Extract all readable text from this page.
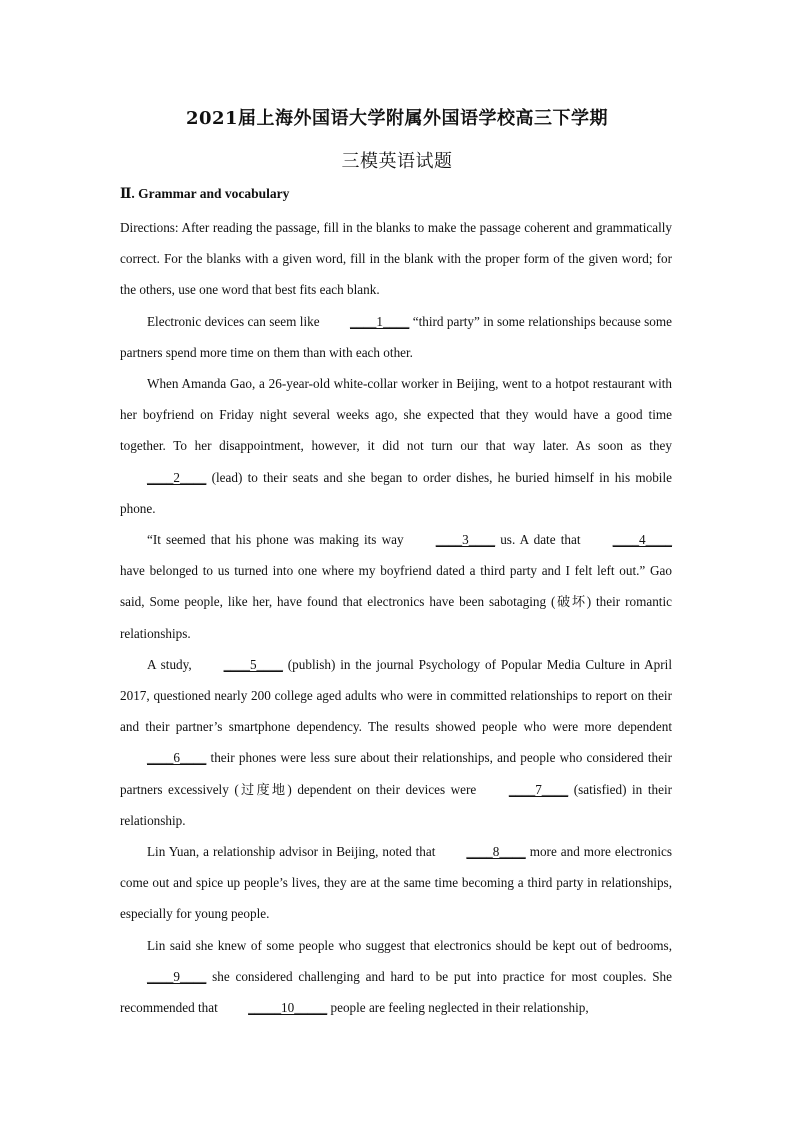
2021届上海外国语大学附属外国语学校高三下学期
三模英语试题
Ⅱ. Grammar and vocabulary

Directions: After reading the passage, fill in the blanks to make the passage coherent and grammatically correct. For the blanks with a given word, fill in the blank with the proper form of the given word; for the others, use one word that best fits each blank.

Electronic devices can seem like ____1____ “third party” in some relationships because some partners spend more time on them than with each other.

When Amanda Gao, a 26-year-old white-collar worker in Beijing, went to a hotpot restaurant with her boyfriend on Friday night several weeks ago, she expected that they would have a good time together. To her disappointment, however, it did not turn our that way later. As soon as they ____2____ (lead) to their seats and she began to order dishes, he buried himself in his mobile phone.

“It seemed that his phone was making its way ____3____ us. A date that ____4____ have belonged to us turned into one where my boyfriend dated a third party and I felt left out.” Gao said, Some people, like her, have found that electronics have been sabotaging (破坏) their romantic relationships.

A study, ____5____ (publish) in the journal Psychology of Popular Media Culture in April 2017, questioned nearly 200 college aged adults who were in committed relationships to report on their and their partner’s smartphone dependency. The results showed people who were more dependent ____6____ their phones were less sure about their relationships, and people who considered their partners excessively (过度地) dependent on their devices were ____7____ (satisfied) in their relationship.

Lin Yuan, a relationship advisor in Beijing, noted that ____8____ more and more electronics come out and spice up people’s lives, they are at the same time becoming a third party in relationships, especially for young people.

Lin said she knew of some people who suggest that electronics should be kept out of bedrooms, ____9____ she considered challenging and hard to be put into practice for most couples. She recommended that _____10_____ people are feeling neglected in their relationship,
